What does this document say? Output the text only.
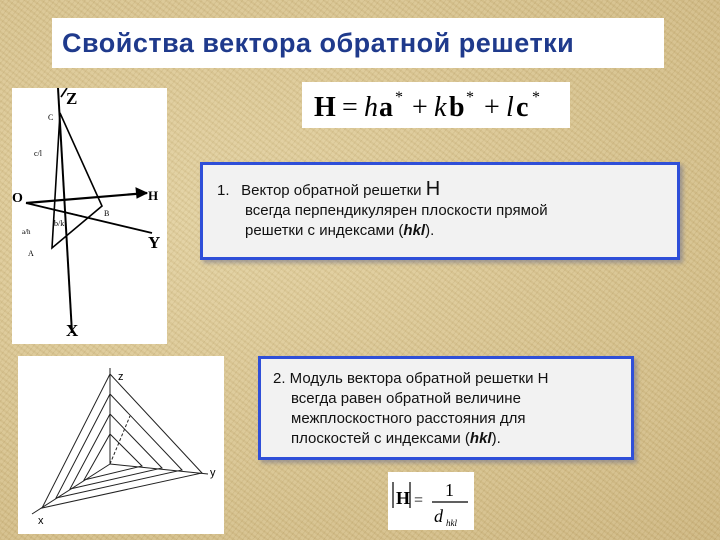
Свойства вектора обратной решетки
H = h a * + k b * + l c *
Z
C
c/l
O	H
B
b/k
a/h
Y
A
X
z
y
x
1. Вектор обратной решетки H
всегда перпендикулярен плоскости прямой
решетки с индексами (hkl).
2. Модуль вектора обратной решетки H
всегда равен обратной величине
межплоскостного расстояния для
плоскостей с индексами (hkl).
H =
1
d hkl
